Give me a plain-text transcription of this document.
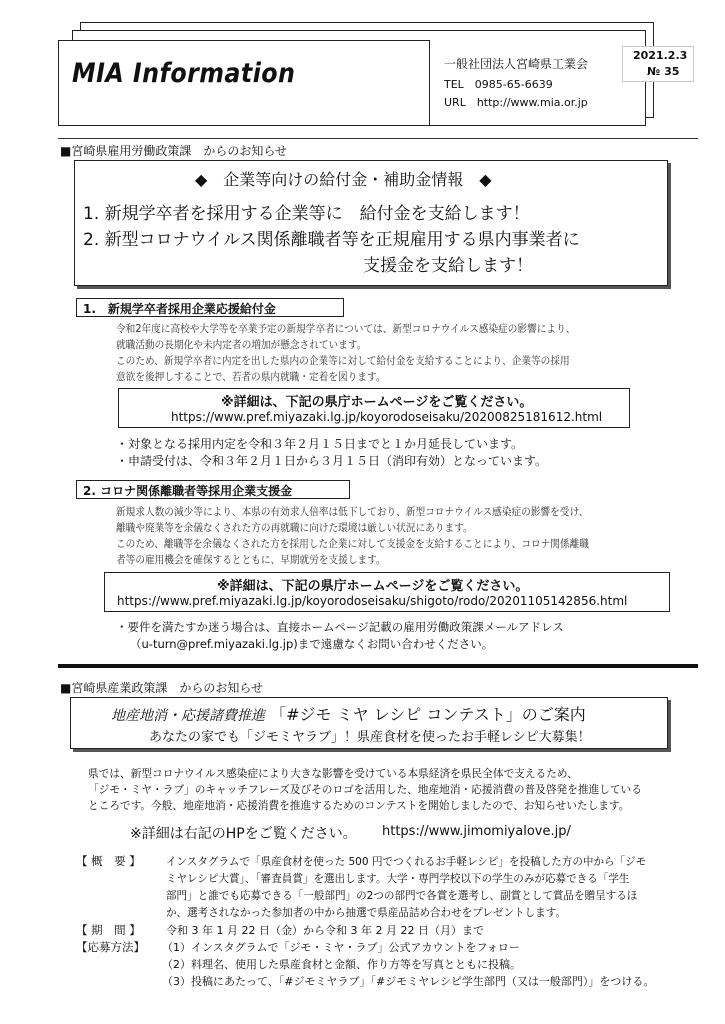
MIA Information	一般社団法人宮崎県工業会
TEL　0985-65-6639
URL　http://www.mia.or.jp
2021.2.3
№ 35
■宮崎県雇用労働政策課　からのお知らせ
◆　企業等向けの給付金・補助金情報　◆
1. 新規学卒者を採用する企業等に　給付金を支給します！
2. 新型コロナウイルス関係離職者等を正規雇用する県内事業者に
支援金を支給します！
1.　新規学卒者採用企業応援給付金
令和2年度に高校や大学等を卒業予定の新規学卒者については、新型コロナウイルス感染症の影響により、
就職活動の長期化や未内定者の増加が懸念されています。
このため、新規学卒者に内定を出した県内の企業等に対して給付金を支給することにより、企業等の採用
意欲を後押しすることで、若者の県内就職・定着を図ります。
※詳細は、下記の県庁ホームページをご覧ください。
https://www.pref.miyazaki.lg.jp/koyorodoseisaku/20200825181612.html
・対象となる採用内定を令和３年２月１５日までと１か月延長しています。
・申請受付は、令和３年２月１日から３月１５日（消印有効）となっています。
2. コロナ関係離職者等採用企業支援金
新規求人数の減少等により、本県の有効求人倍率は低下しており、新型コロナウイルス感染症の影響を受け、
離職や廃業等を余儀なくされた方の再就職に向けた環境は厳しい状況にあります。
このため、離職等を余儀なくされた方を採用した企業に対して支援金を支給することにより、コロナ関係離職
者等の雇用機会を確保するとともに、早期就労を支援します。
※詳細は、下記の県庁ホームページをご覧ください。
https://www.pref.miyazaki.lg.jp/koyorodoseisaku/shigoto/rodo/20201105142856.html
・要件を満たすか迷う場合は、直接ホームページ記載の雇用労働政策課メールアドレス
（u-turn@pref.miyazaki.lg.jp)まで遠慮なくお問い合わせください。
■宮崎県産業政策課　からのお知らせ
地産地消・応援諸費推進 「#ジモ ミヤ レシピ コンテスト」のご案内
あなたの家でも「ジモミヤラブ」！県産食材を使ったお手軽レシピ大募集！
県では、新型コロナウイルス感染症により大きな影響を受けている本県経済を県民全体で支えるため、
「ジモ・ミヤ・ラブ」のキャッチフレーズ及びそのロゴを活用した、地産地消・応援消費の普及啓発を推進している
ところです。今般、地産地消・応援消費を推進するためのコンテストを開始しましたので、お知らせいたします。
※詳細は右記のHPをご覧ください。 https://www.jimomiyalove.jp/
【 概　要 】 インスタグラムで「県産食材を使った 500 円でつくれるお手軽レシピ」を投稿した方の中から「ジモ
ミヤレシピ大賞」、「審査員賞」を選出します。大学・専門学校以下の学生のみが応募できる「学生
部門」と誰でも応募できる「一般部門」の2つの部門で各賞を選考し、副賞として賞品を贈呈するほ
か、選考されなかった参加者の中から抽選で県産品詰め合わせをプレゼントします。
【 期　間 】 令和 3 年 1 月 22 日（金）から令和 3 年 2 月 22 日（月）まで
【応募方法】 （1）インスタグラムで「ジモ・ミヤ・ラブ」公式アカウントをフォロー
（2）料理名、使用した県産食材と金額、作り方等を写真とともに投稿。
（3）投稿にあたって、「#ジモミヤラブ」「#ジモミヤレシピ学生部門（又は一般部門）」をつける。
